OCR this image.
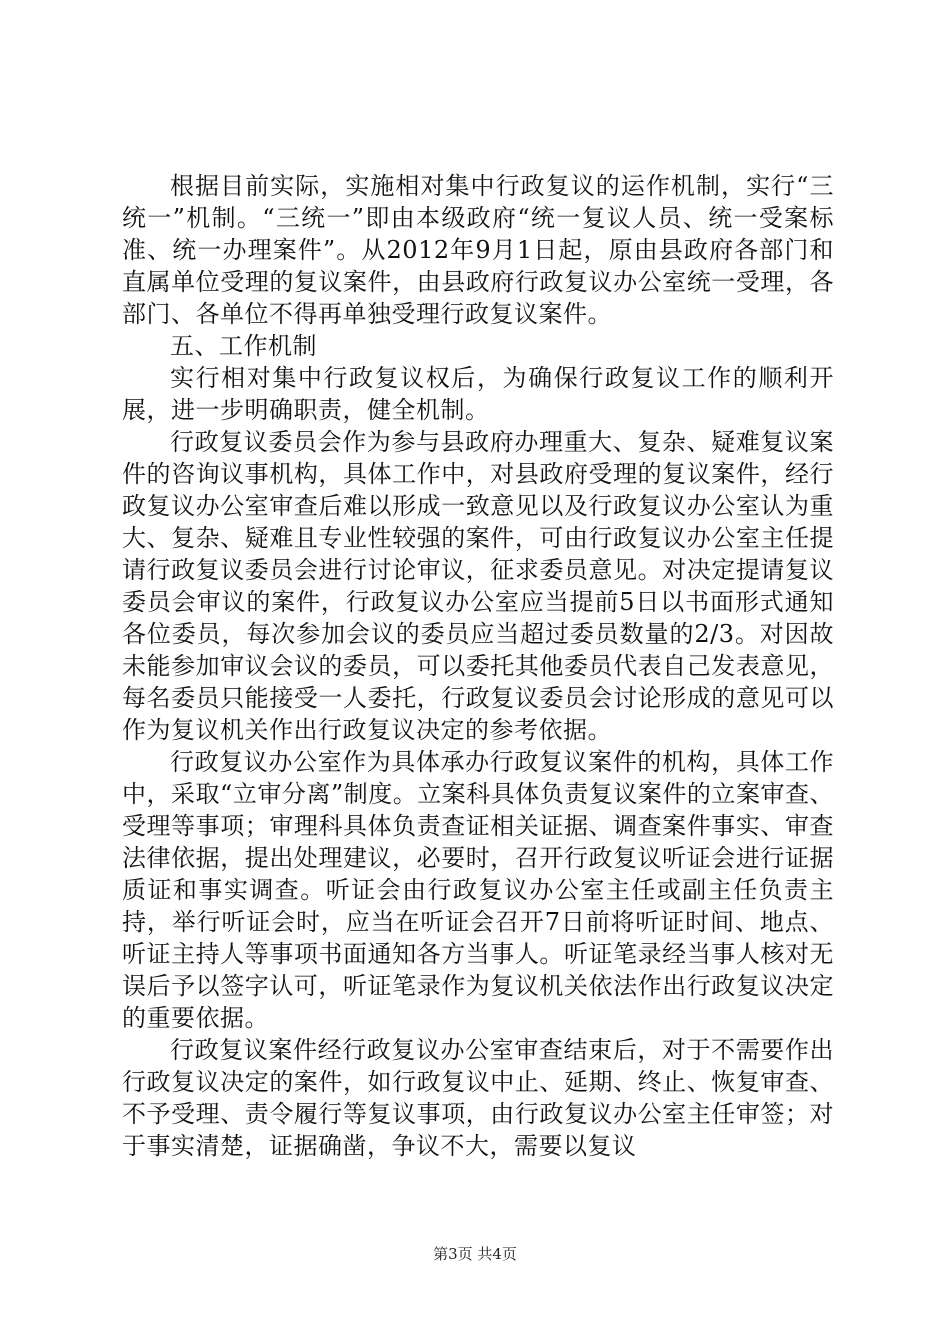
根据目前实际，实施相对集中行政复议的运作机制，实行“三统一”机制。“三统一”即由本级政府“统一复议人员、统一受案标准、统一办理案件”。从2012年9月1日起，原由县政府各部门和直属单位受理的复议案件，由县政府行政复议办公室统一受理，各部门、各单位不得再单独受理行政复议案件。

五、工作机制

实行相对集中行政复议权后，为确保行政复议工作的顺利开展，进一步明确职责，健全机制。

行政复议委员会作为参与县政府办理重大、复杂、疑难复议案件的咨询议事机构，具体工作中，对县政府受理的复议案件，经行政复议办公室审查后难以形成一致意见以及行政复议办公室认为重大、复杂、疑难且专业性较强的案件，可由行政复议办公室主任提请行政复议委员会进行讨论审议，征求委员意见。对决定提请复议委员会审议的案件，行政复议办公室应当提前5日以书面形式通知各位委员，每次参加会议的委员应当超过委员数量的2/3。对因故未能参加审议会议的委员，可以委托其他委员代表自己发表意见，每名委员只能接受一人委托，行政复议委员会讨论形成的意见可以作为复议机关作出行政复议决定的参考依据。

行政复议办公室作为具体承办行政复议案件的机构，具体工作中，采取“立审分离”制度。立案科具体负责复议案件的立案审查、受理等事项；审理科具体负责查证相关证据、调查案件事实、审查法律依据，提出处理建议，必要时，召开行政复议听证会进行证据质证和事实调查。听证会由行政复议办公室主任或副主任负责主持，举行听证会时，应当在听证会召开7日前将听证时间、地点、听证主持人等事项书面通知各方当事人。听证笔录经当事人核对无误后予以签字认可，听证笔录作为复议机关依法作出行政复议决定的重要依据。

行政复议案件经行政复议办公室审查结束后，对于不需要作出行政复议决定的案件，如行政复议中止、延期、终止、恢复审查、不予受理、责令履行等复议事项，由行政复议办公室主任审签；对于事实清楚，证据确凿，争议不大，需要以复议

第3页 共4页
